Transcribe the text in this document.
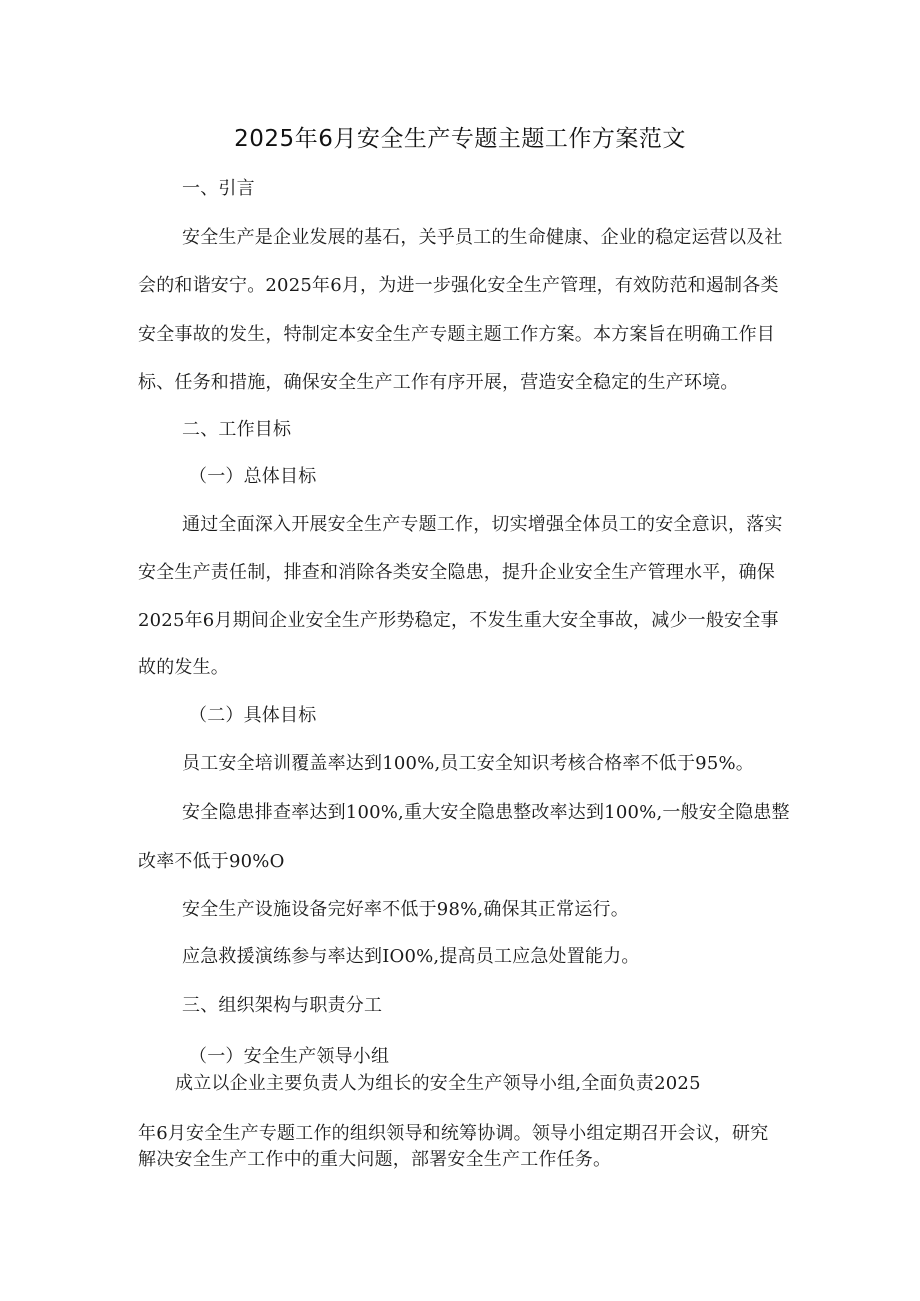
2025年6月安全生产专题主题工作方案范文
一、引言
安全生产是企业发展的基石，关乎员工的生命健康、企业的稳定运营以及社
会的和谐安宁。2025年6月，为进一步强化安全生产管理，有效防范和遏制各类
安全事故的发生，特制定本安全生产专题主题工作方案。本方案旨在明确工作目
标、任务和措施，确保安全生产工作有序开展，营造安全稳定的生产环境。
二、工作目标
（一）总体目标
通过全面深入开展安全生产专题工作，切实增强全体员工的安全意识，落实
安全生产责任制，排查和消除各类安全隐患，提升企业安全生产管理水平，确保
2025年6月期间企业安全生产形势稳定，不发生重大安全事故，减少一般安全事
故的发生。
（二）具体目标
员工安全培训覆盖率达到100%,员工安全知识考核合格率不低于95%。
安全隐患排查率达到100%,重大安全隐患整改率达到100%,一般安全隐患整
改率不低于90%O
安全生产设施设备完好率不低于98%,确保其正常运行。
应急救援演练参与率达到IO0%,提高员工应急处置能力。
三、组织架构与职责分工
（一）安全生产领导小组
成立以企业主要负责人为组长的安全生产领导小组,全面负责2025
年6月安全生产专题工作的组织领导和统筹协调。领导小组定期召开会议，研究
解决安全生产工作中的重大问题，部署安全生产工作任务。
